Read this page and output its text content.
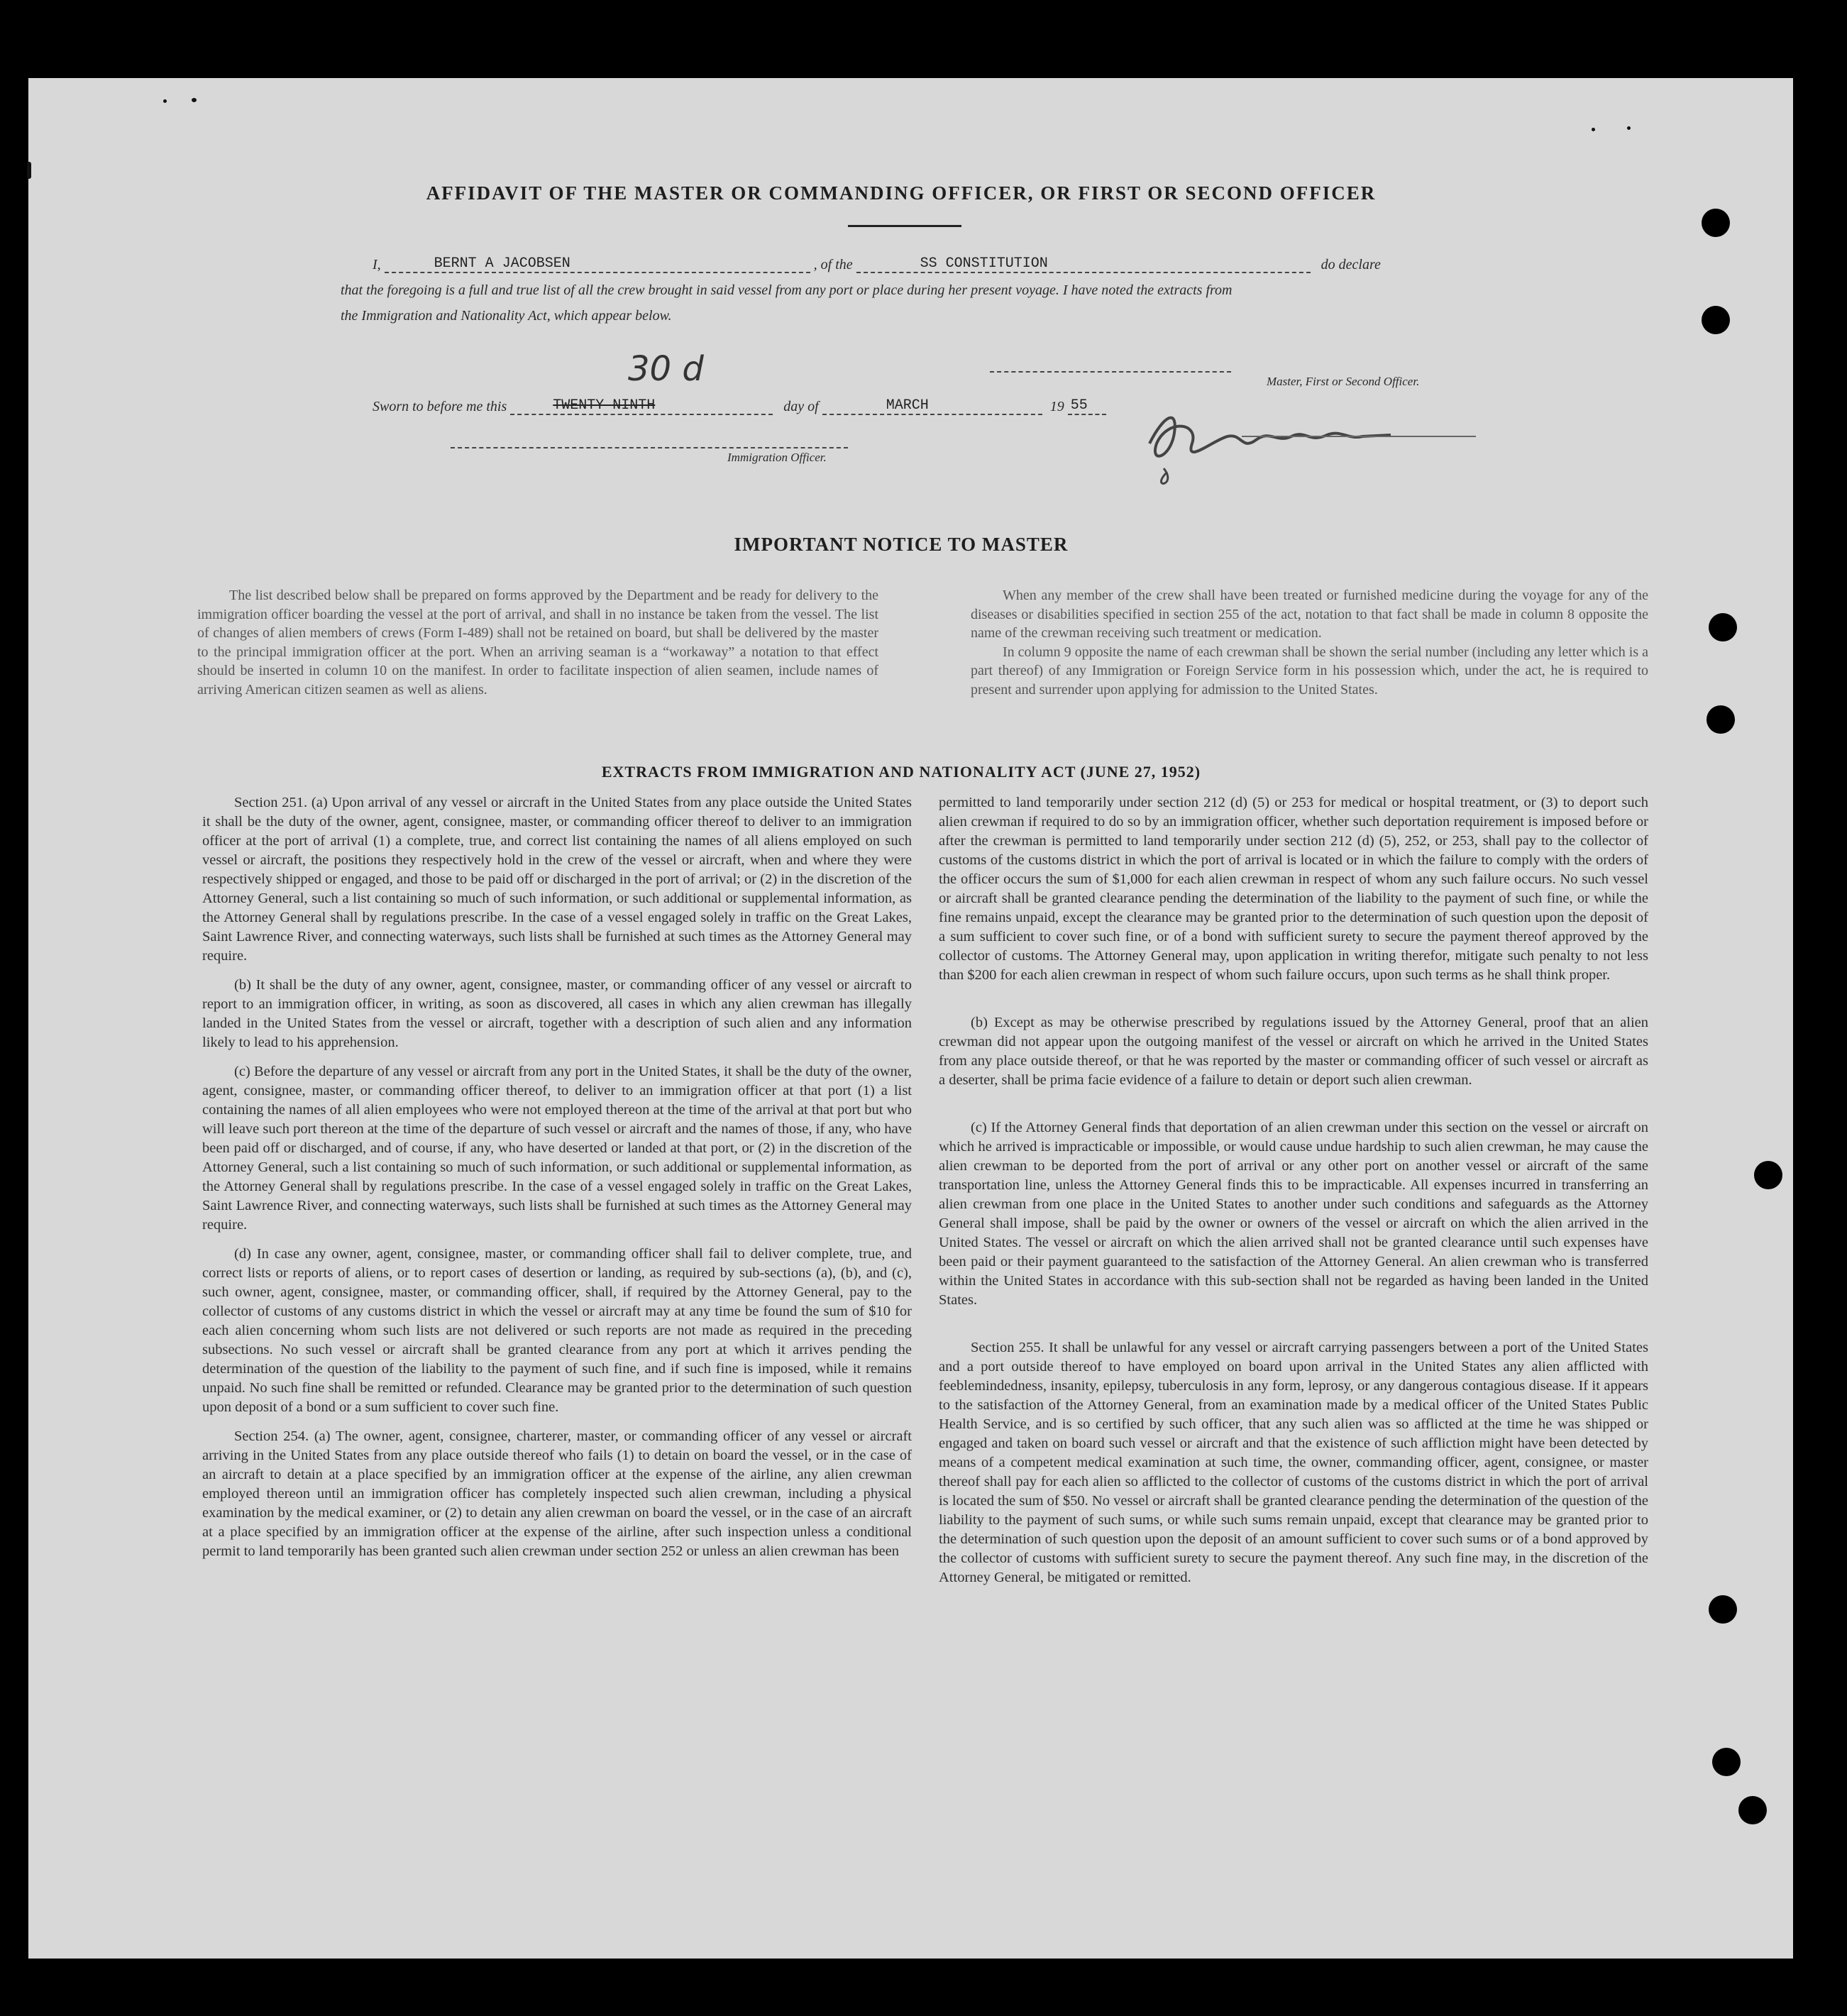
AFFIDAVIT OF THE MASTER OR COMMANDING OFFICER, OR FIRST OR SECOND OFFICER
I,	BERNT A JACOBSEN	, of the	SS CONSTITUTION	do declare
that the foregoing is a full and true list of all the crew brought in said vessel from any port or place during her present voyage. I have noted the extracts from
the Immigration and Nationality Act, which appear below.
Master, First or Second Officer.
30 d
Sworn to before me this	TWENTY NINTH	day of	MARCH	19 55
Immigration Officer.
IMPORTANT NOTICE TO MASTER

The list described below shall be prepared on forms approved by the Department and be ready for delivery to the immigration officer boarding the vessel at the port of arrival, and shall in no instance be taken from the vessel. The list of changes of alien members of crews (Form I-489) shall not be retained on board, but shall be delivered by the master to the principal immigration officer at the port. When an arriving seaman is a “workaway” a notation to that effect should be inserted in column 10 on the manifest. In order to facilitate inspection of alien seamen, include names of arriving American citizen seamen as well as aliens.

When any member of the crew shall have been treated or furnished medicine during the voyage for any of the diseases or disabilities specified in section 255 of the act, notation to that fact shall be made in column 8 opposite the name of the crewman receiving such treatment or medication.

In column 9 opposite the name of each crewman shall be shown the serial number (including any letter which is a part thereof) of any Immigration or Foreign Service form in his possession which, under the act, he is required to present and surrender upon applying for admission to the United States.

EXTRACTS FROM IMMIGRATION AND NATIONALITY ACT (JUNE 27, 1952)

Section 251. (a) Upon arrival of any vessel or aircraft in the United States from any place outside the United States it shall be the duty of the owner, agent, consignee, master, or commanding officer thereof to deliver to an immigration officer at the port of arrival (1) a complete, true, and correct list containing the names of all aliens employed on such vessel or aircraft, the positions they respectively hold in the crew of the vessel or aircraft, when and where they were respectively shipped or engaged, and those to be paid off or discharged in the port of arrival; or (2) in the discretion of the Attorney General, such a list containing so much of such information, or such additional or supplemental information, as the Attorney General shall by regulations prescribe. In the case of a vessel engaged solely in traffic on the Great Lakes, Saint Lawrence River, and connecting waterways, such lists shall be furnished at such times as the Attorney General may require.

(b) It shall be the duty of any owner, agent, consignee, master, or commanding officer of any vessel or aircraft to report to an immigration officer, in writing, as soon as discovered, all cases in which any alien crewman has illegally landed in the United States from the vessel or aircraft, together with a description of such alien and any information likely to lead to his apprehension.

(c) Before the departure of any vessel or aircraft from any port in the United States, it shall be the duty of the owner, agent, consignee, master, or commanding officer thereof, to deliver to an immigration officer at that port (1) a list containing the names of all alien employees who were not employed thereon at the time of the arrival at that port but who will leave such port thereon at the time of the departure of such vessel or aircraft and the names of those, if any, who have been paid off or discharged, and of course, if any, who have deserted or landed at that port, or (2) in the discretion of the Attorney General, such a list containing so much of such information, or such additional or supplemental information, as the Attorney General shall by regulations prescribe. In the case of a vessel engaged solely in traffic on the Great Lakes, Saint Lawrence River, and connecting waterways, such lists shall be furnished at such times as the Attorney General may require.

(d) In case any owner, agent, consignee, master, or commanding officer shall fail to deliver complete, true, and correct lists or reports of aliens, or to report cases of desertion or landing, as required by sub-sections (a), (b), and (c), such owner, agent, consignee, master, or commanding officer, shall, if required by the Attorney General, pay to the collector of customs of any customs district in which the vessel or aircraft may at any time be found the sum of $10 for each alien concerning whom such lists are not delivered or such reports are not made as required in the preceding subsections. No such vessel or aircraft shall be granted clearance from any port at which it arrives pending the determination of the question of the liability to the payment of such fine, and if such fine is imposed, while it remains unpaid. No such fine shall be remitted or refunded. Clearance may be granted prior to the determination of such question upon deposit of a bond or a sum sufficient to cover such fine.

Section 254. (a) The owner, agent, consignee, charterer, master, or commanding officer of any vessel or aircraft arriving in the United States from any place outside thereof who fails (1) to detain on board the vessel, or in the case of an aircraft to detain at a place specified by an immigration officer at the expense of the airline, any alien crewman employed thereon until an immigration officer has completely inspected such alien crewman, including a physical examination by the medical examiner, or (2) to detain any alien crewman on board the vessel, or in the case of an aircraft at a place specified by an immigration officer at the expense of the airline, after such inspection unless a conditional permit to land temporarily has been granted such alien crewman under section 252 or unless an alien crewman has been

permitted to land temporarily under section 212 (d) (5) or 253 for medical or hospital treatment, or (3) to deport such alien crewman if required to do so by an immigration officer, whether such deportation requirement is imposed before or after the crewman is permitted to land temporarily under section 212 (d) (5), 252, or 253, shall pay to the collector of customs of the customs district in which the port of arrival is located or in which the failure to comply with the orders of the officer occurs the sum of $1,000 for each alien crewman in respect of whom any such failure occurs. No such vessel or aircraft shall be granted clearance pending the determination of the liability to the payment of such fine, or while the fine remains unpaid, except the clearance may be granted prior to the determination of such question upon the deposit of a sum sufficient to cover such fine, or of a bond with sufficient surety to secure the payment thereof approved by the collector of customs. The Attorney General may, upon application in writing therefor, mitigate such penalty to not less than $200 for each alien crewman in respect of whom such failure occurs, upon such terms as he shall think proper.

(b) Except as may be otherwise prescribed by regulations issued by the Attorney General, proof that an alien crewman did not appear upon the outgoing manifest of the vessel or aircraft on which he arrived in the United States from any place outside thereof, or that he was reported by the master or commanding officer of such vessel or aircraft as a deserter, shall be prima facie evidence of a failure to detain or deport such alien crewman.

(c) If the Attorney General finds that deportation of an alien crewman under this section on the vessel or aircraft on which he arrived is impracticable or impossible, or would cause undue hardship to such alien crewman, he may cause the alien crewman to be deported from the port of arrival or any other port on another vessel or aircraft of the same transportation line, unless the Attorney General finds this to be impracticable. All expenses incurred in transferring an alien crewman from one place in the United States to another under such conditions and safeguards as the Attorney General shall impose, shall be paid by the owner or owners of the vessel or aircraft on which the alien arrived in the United States. The vessel or aircraft on which the alien arrived shall not be granted clearance until such expenses have been paid or their payment guaranteed to the satisfaction of the Attorney General. An alien crewman who is transferred within the United States in accordance with this sub-section shall not be regarded as having been landed in the United States.

Section 255. It shall be unlawful for any vessel or aircraft carrying passengers between a port of the United States and a port outside thereof to have employed on board upon arrival in the United States any alien afflicted with feeblemindedness, insanity, epilepsy, tuberculosis in any form, leprosy, or any dangerous contagious disease. If it appears to the satisfaction of the Attorney General, from an examination made by a medical officer of the United States Public Health Service, and is so certified by such officer, that any such alien was so afflicted at the time he was shipped or engaged and taken on board such vessel or aircraft and that the existence of such affliction might have been detected by means of a competent medical examination at such time, the owner, commanding officer, agent, consignee, or master thereof shall pay for each alien so afflicted to the collector of customs of the customs district in which the port of arrival is located the sum of $50. No vessel or aircraft shall be granted clearance pending the determination of the question of the liability to the payment of such sums, or while such sums remain unpaid, except that clearance may be granted prior to the determination of such question upon the deposit of an amount sufficient to cover such sums or of a bond approved by the collector of customs with sufficient surety to secure the payment thereof. Any such fine may, in the discretion of the Attorney General, be mitigated or remitted.
